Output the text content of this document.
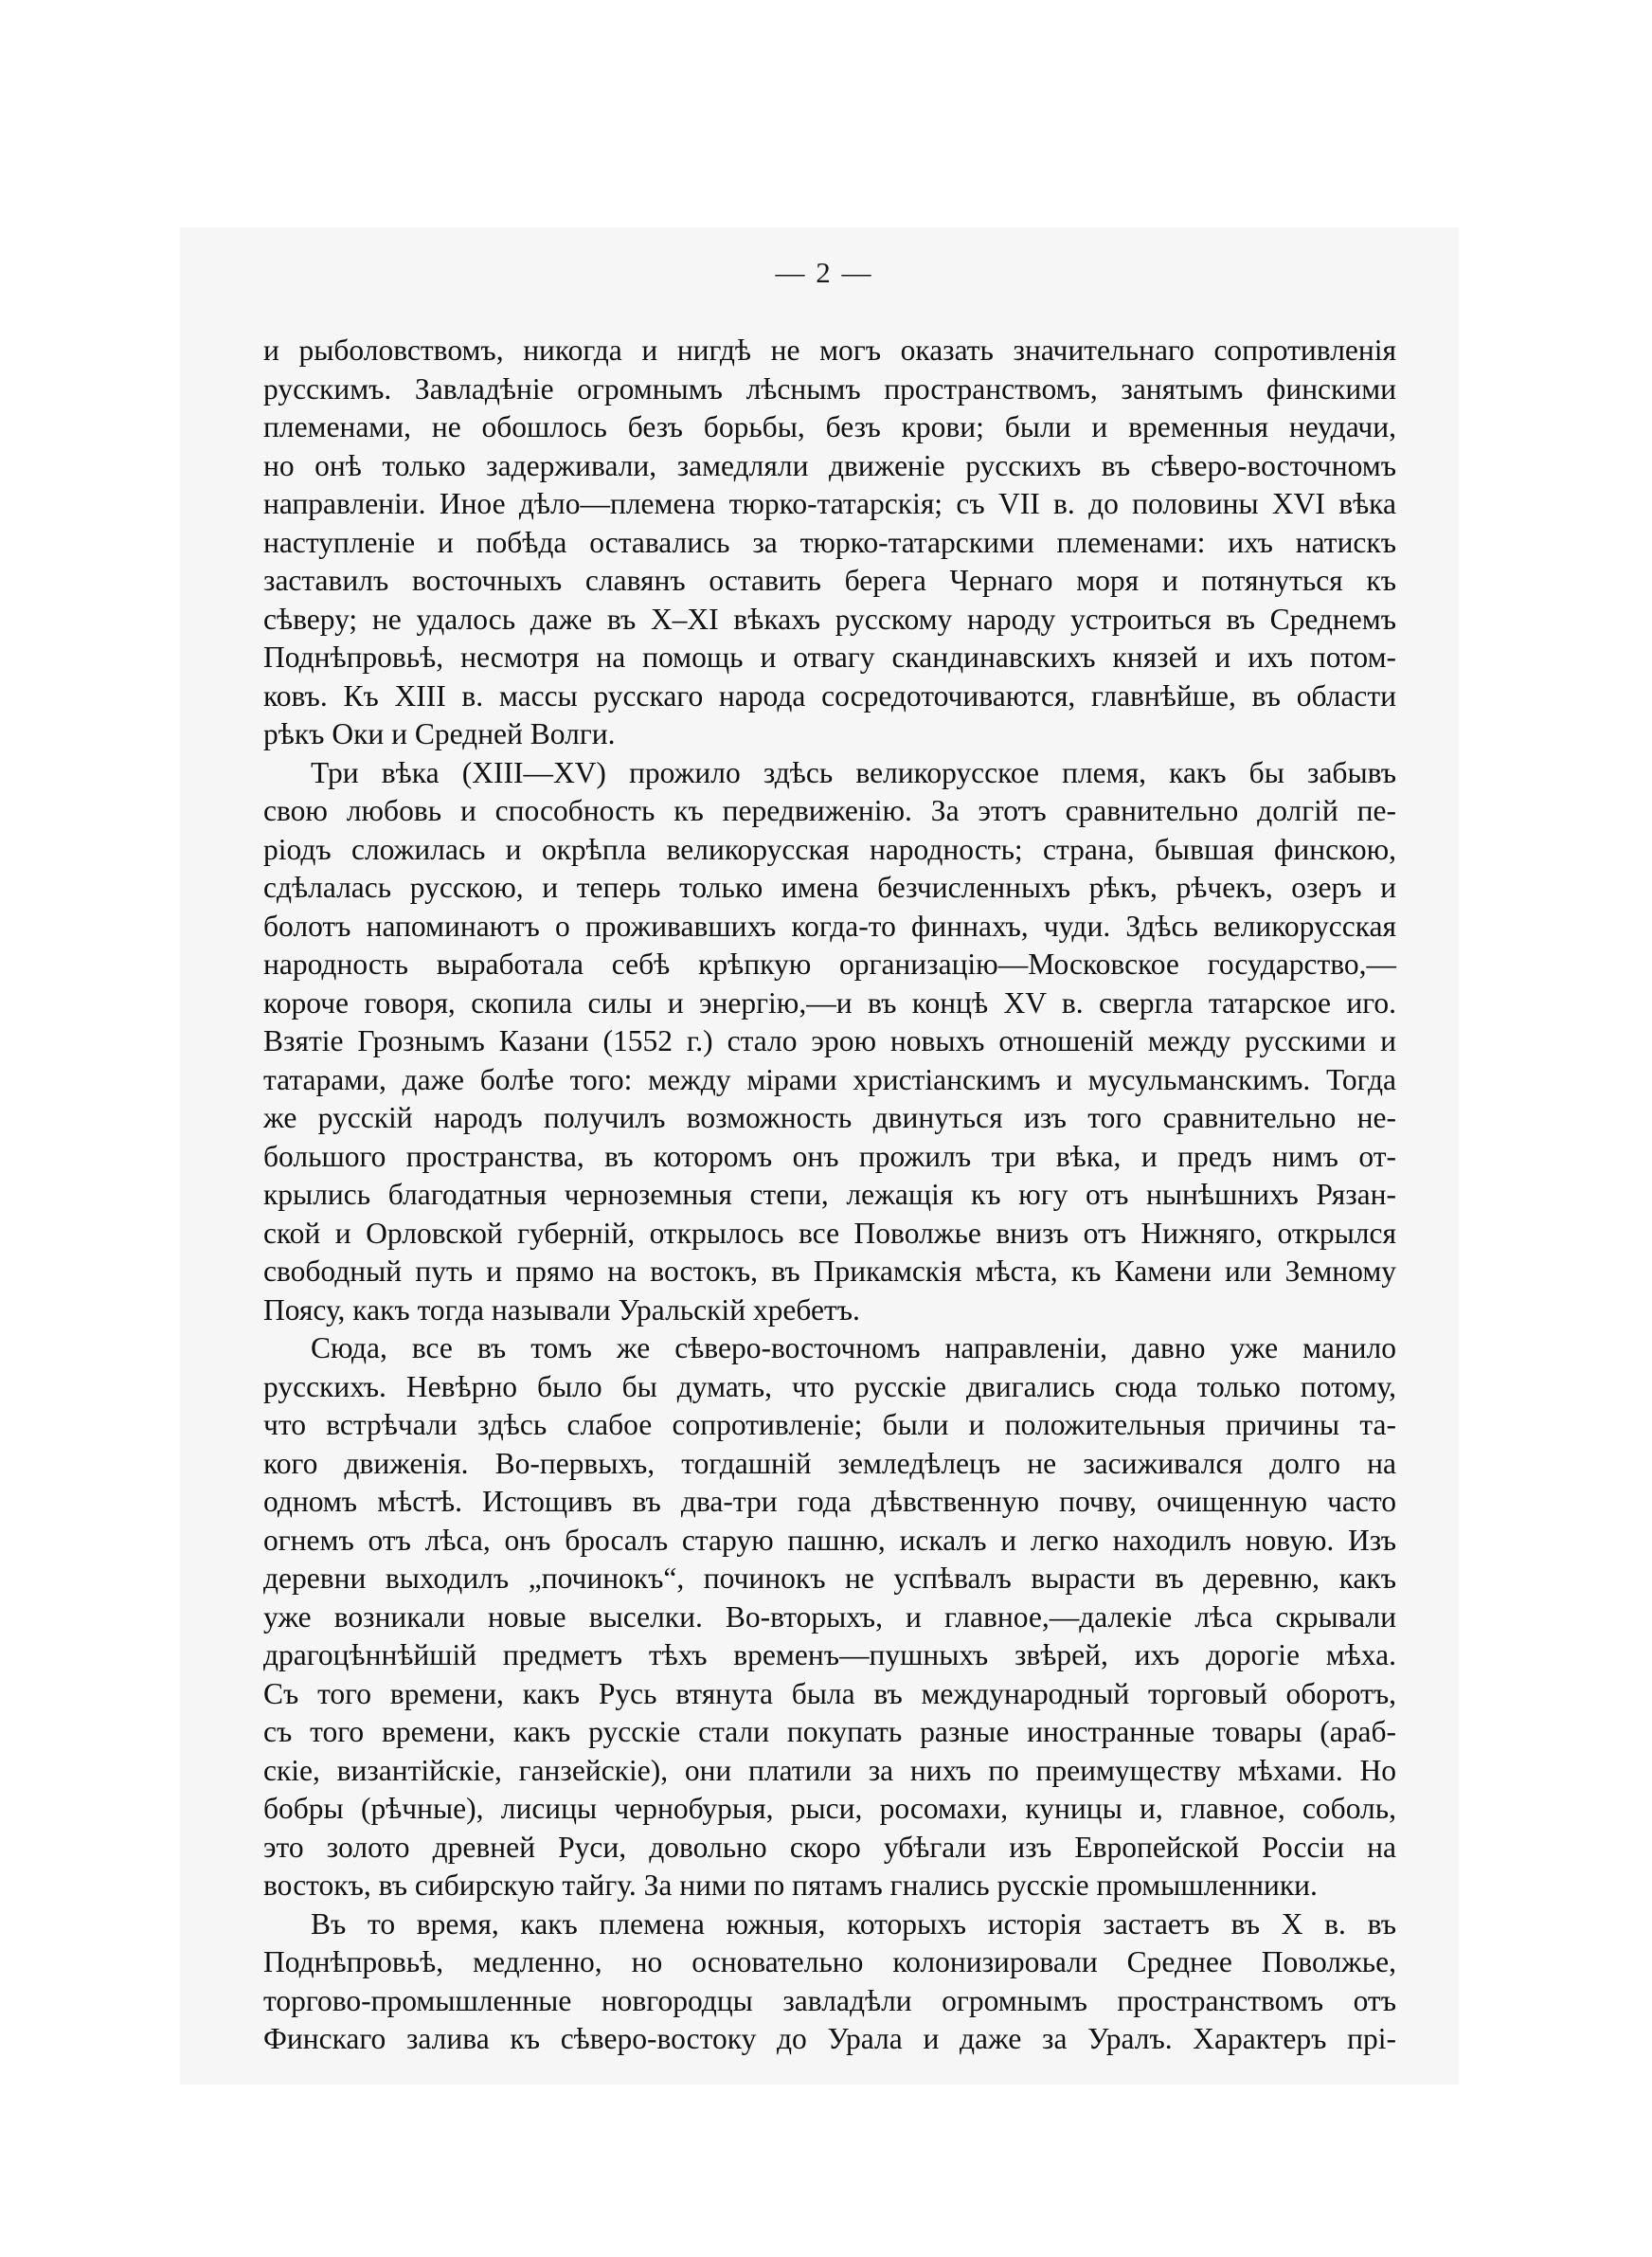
— 2 —
и рыболовствомъ, никогда и нигдѣ не могъ оказать значительнаго сопротивленія
русскимъ. Завладѣніе огромнымъ лѣснымъ пространствомъ, занятымъ финскими
племенами, не обошлось безъ борьбы, безъ крови; были и временныя неудачи,
но онѣ только задерживали, замедляли движеніе русскихъ въ сѣверо-восточномъ
направленіи. Иное дѣло—племена тюрко-татарскія; съ VII в. до половины XVI вѣка
наступленіе и побѣда оставались за тюрко-татарскими племенами: ихъ натискъ
заставилъ восточныхъ славянъ оставить берега Чернаго моря и потянуться къ
сѣверу; не удалось даже въ X–XI вѣкахъ русскому народу устроиться въ Среднемъ
Поднѣпровьѣ, несмотря на помощь и отвагу скандинавскихъ князей и ихъ потом-
ковъ. Къ XIII в. массы русскаго народа сосредоточиваются, главнѣйше, въ области
рѣкъ Оки и Средней Волги.
Три вѣка (XIII—XV) прожило здѣсь великорусское племя, какъ бы забывъ
свою любовь и способность къ передвиженію. За этотъ сравнительно долгій пе-
ріодъ сложилась и окрѣпла великорусская народность; страна, бывшая финскою,
сдѣлалась русскою, и теперь только имена безчисленныхъ рѣкъ, рѣчекъ, озеръ и
болотъ напоминаютъ о проживавшихъ когда-то финнахъ, чуди. Здѣсь великорусская
народность выработала себѣ крѣпкую организацію—Московское государство,—
короче говоря, скопила силы и энергію,—и въ концѣ XV в. свергла татарское иго.
Взятіе Грознымъ Казани (1552 г.) стало эрою новыхъ отношеній между русскими и
татарами, даже болѣе того: между мірами христіанскимъ и мусульманскимъ. Тогда
же русскій народъ получилъ возможность двинуться изъ того сравнительно не-
большого пространства, въ которомъ онъ прожилъ три вѣка, и предъ нимъ от-
крылись благодатныя черноземныя степи, лежащія къ югу отъ нынѣшнихъ Рязан-
ской и Орловской губерній, открылось все Поволжье внизъ отъ Нижняго, открылся
свободный путь и прямо на востокъ, въ Прикамскія мѣста, къ Камени или Земному
Поясу, какъ тогда называли Уральскій хребетъ.
Сюда, все въ томъ же сѣверо-восточномъ направленіи, давно уже манило
русскихъ. Невѣрно было бы думать, что русскіе двигались сюда только потому,
что встрѣчали здѣсь слабое сопротивленіе; были и положительныя причины та-
кого движенія. Во-первыхъ, тогдашній земледѣлецъ не засиживался долго на
одномъ мѣстѣ. Истощивъ въ два-три года дѣвственную почву, очищенную часто
огнемъ отъ лѣса, онъ бросалъ старую пашню, искалъ и легко находилъ новую. Изъ
деревни выходилъ „починокъ“, починокъ не успѣвалъ вырасти въ деревню, какъ
уже возникали новые выселки. Во-вторыхъ, и главное,—далекіе лѣса скрывали
драгоцѣннѣйшій предметъ тѣхъ временъ—пушныхъ звѣрей, ихъ дорогіе мѣха.
Съ того времени, какъ Русь втянута была въ международный торговый оборотъ,
съ того времени, какъ русскіе стали покупать разные иностранные товары (араб-
скіе, византійскіе, ганзейскіе), они платили за нихъ по преимуществу мѣхами. Но
бобры (рѣчные), лисицы чернобурыя, рыси, росомахи, куницы и, главное, соболь,
это золото древней Руси, довольно скоро убѣгали изъ Европейской Россіи на
востокъ, въ сибирскую тайгу. За ними по пятамъ гнались русскіе промышленники.
Въ то время, какъ племена южныя, которыхъ исторія застаетъ въ X в. въ
Поднѣпровьѣ, медленно, но основательно колонизировали Среднее Поволжье,
торгово-промышленные новгородцы завладѣли огромнымъ пространствомъ отъ
Финскаго залива къ сѣверо-востоку до Урала и даже за Уралъ. Характеръ прі-
